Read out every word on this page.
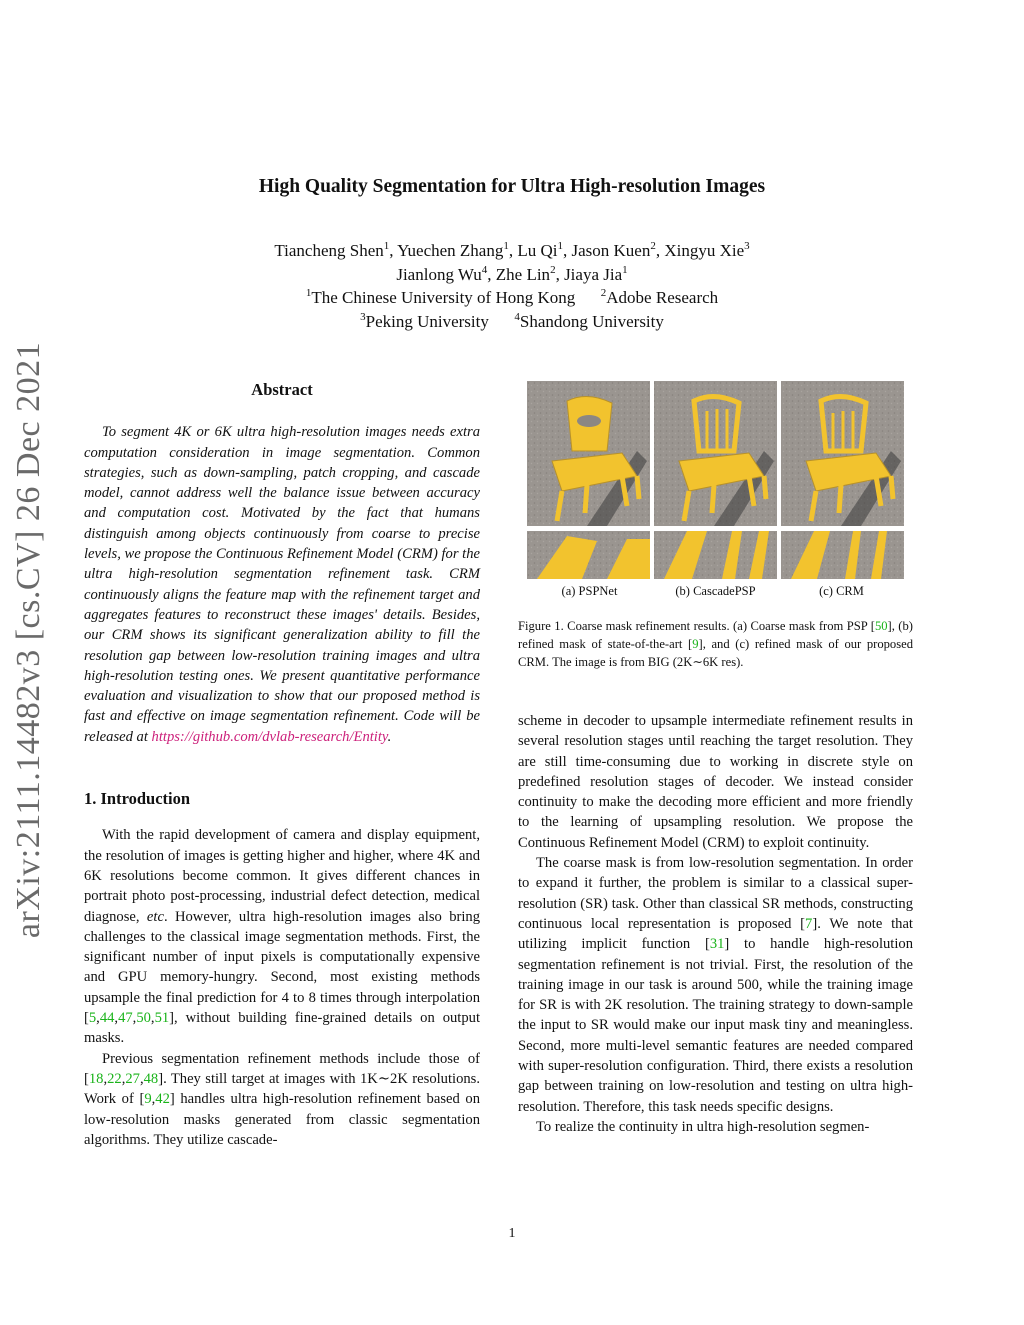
arXiv:2111.14482v3 [cs.CV] 26 Dec 2021
High Quality Segmentation for Ultra High-resolution Images
Tiancheng Shen$^1$, Yuechen Zhang$^1$, Lu Qi$^1$, Jason Kuen$^2$, Xingyu Xie$^3$
Jianlong Wu$^4$, Zhe Lin$^2$, Jiaya Jia$^1$
$^1$The Chinese University of Hong Kong   $^2$Adobe Research
$^3$Peking University   $^4$Shandong University
Abstract

To segment 4K or 6K ultra high-resolution images needs extra computation consideration in image segmentation. Common strategies, such as down-sampling, patch cropping, and cascade model, cannot address well the balance issue between accuracy and computation cost. Motivated by the fact that humans distinguish among objects continuously from coarse to precise levels, we propose the Continuous Refinement Model (CRM) for the ultra high-resolution segmentation refinement task. CRM continuously aligns the feature map with the refinement target and aggregates features to reconstruct these images' details. Besides, our CRM shows its significant generalization ability to fill the resolution gap between low-resolution training images and ultra high-resolution testing ones. We present quantitative performance evaluation and visualization to show that our proposed method is fast and effective on image segmentation refinement. Code will be released at https://github.com/dvlab-research/Entity.

1. Introduction

With the rapid development of camera and display equipment, the resolution of images is getting higher and higher, where 4K and 6K resolutions become common. It gives different chances in portrait photo post-processing, industrial defect detection, medical diagnose, etc. However, ultra high-resolution images also bring challenges to the classical image segmentation methods. First, the significant number of input pixels is computationally expensive and GPU memory-hungry. Second, most existing methods upsample the final prediction for 4 to 8 times through interpolation [5,44,47,50,51], without building fine-grained details on output masks.

Previous segmentation refinement methods include those of [18,22,27,48]. They still target at images with 1K∼2K resolutions. Work of [9,42] handles ultra high-resolution refinement based on low-resolution masks generated from classic segmentation algorithms. They utilize cascade-

(a) PSPNet	(b) CascadePSP	(c) CRM
Figure 1. Coarse mask refinement results. (a) Coarse mask from PSP [50], (b) refined mask of state-of-the-art [9], and (c) refined mask of our proposed CRM. The image is from BIG (2K∼6K res).

scheme in decoder to upsample intermediate refinement results in several resolution stages until reaching the target resolution. They are still time-consuming due to working in discrete style on predefined resolution stages of decoder. We instead consider continuity to make the decoding more efficient and more friendly to the learning of upsampling resolution. We propose the Continuous Refinement Model (CRM) to exploit continuity.

The coarse mask is from low-resolution segmentation. In order to expand it further, the problem is similar to a classical super-resolution (SR) task. Other than classical SR methods, constructing continuous local representation is proposed [7]. We note that utilizing implicit function [31] to handle high-resolution segmentation refinement is not trivial. First, the resolution of the training image in our task is around 500, while the training image for SR is with 2K resolution. The training strategy to down-sample the input to SR would make our input mask tiny and meaningless. Second, more multi-level semantic features are needed compared with super-resolution configuration. Third, there exists a resolution gap between training on low-resolution and testing on ultra high-resolution. Therefore, this task needs specific designs.

To realize the continuity in ultra high-resolution segmen-

1
